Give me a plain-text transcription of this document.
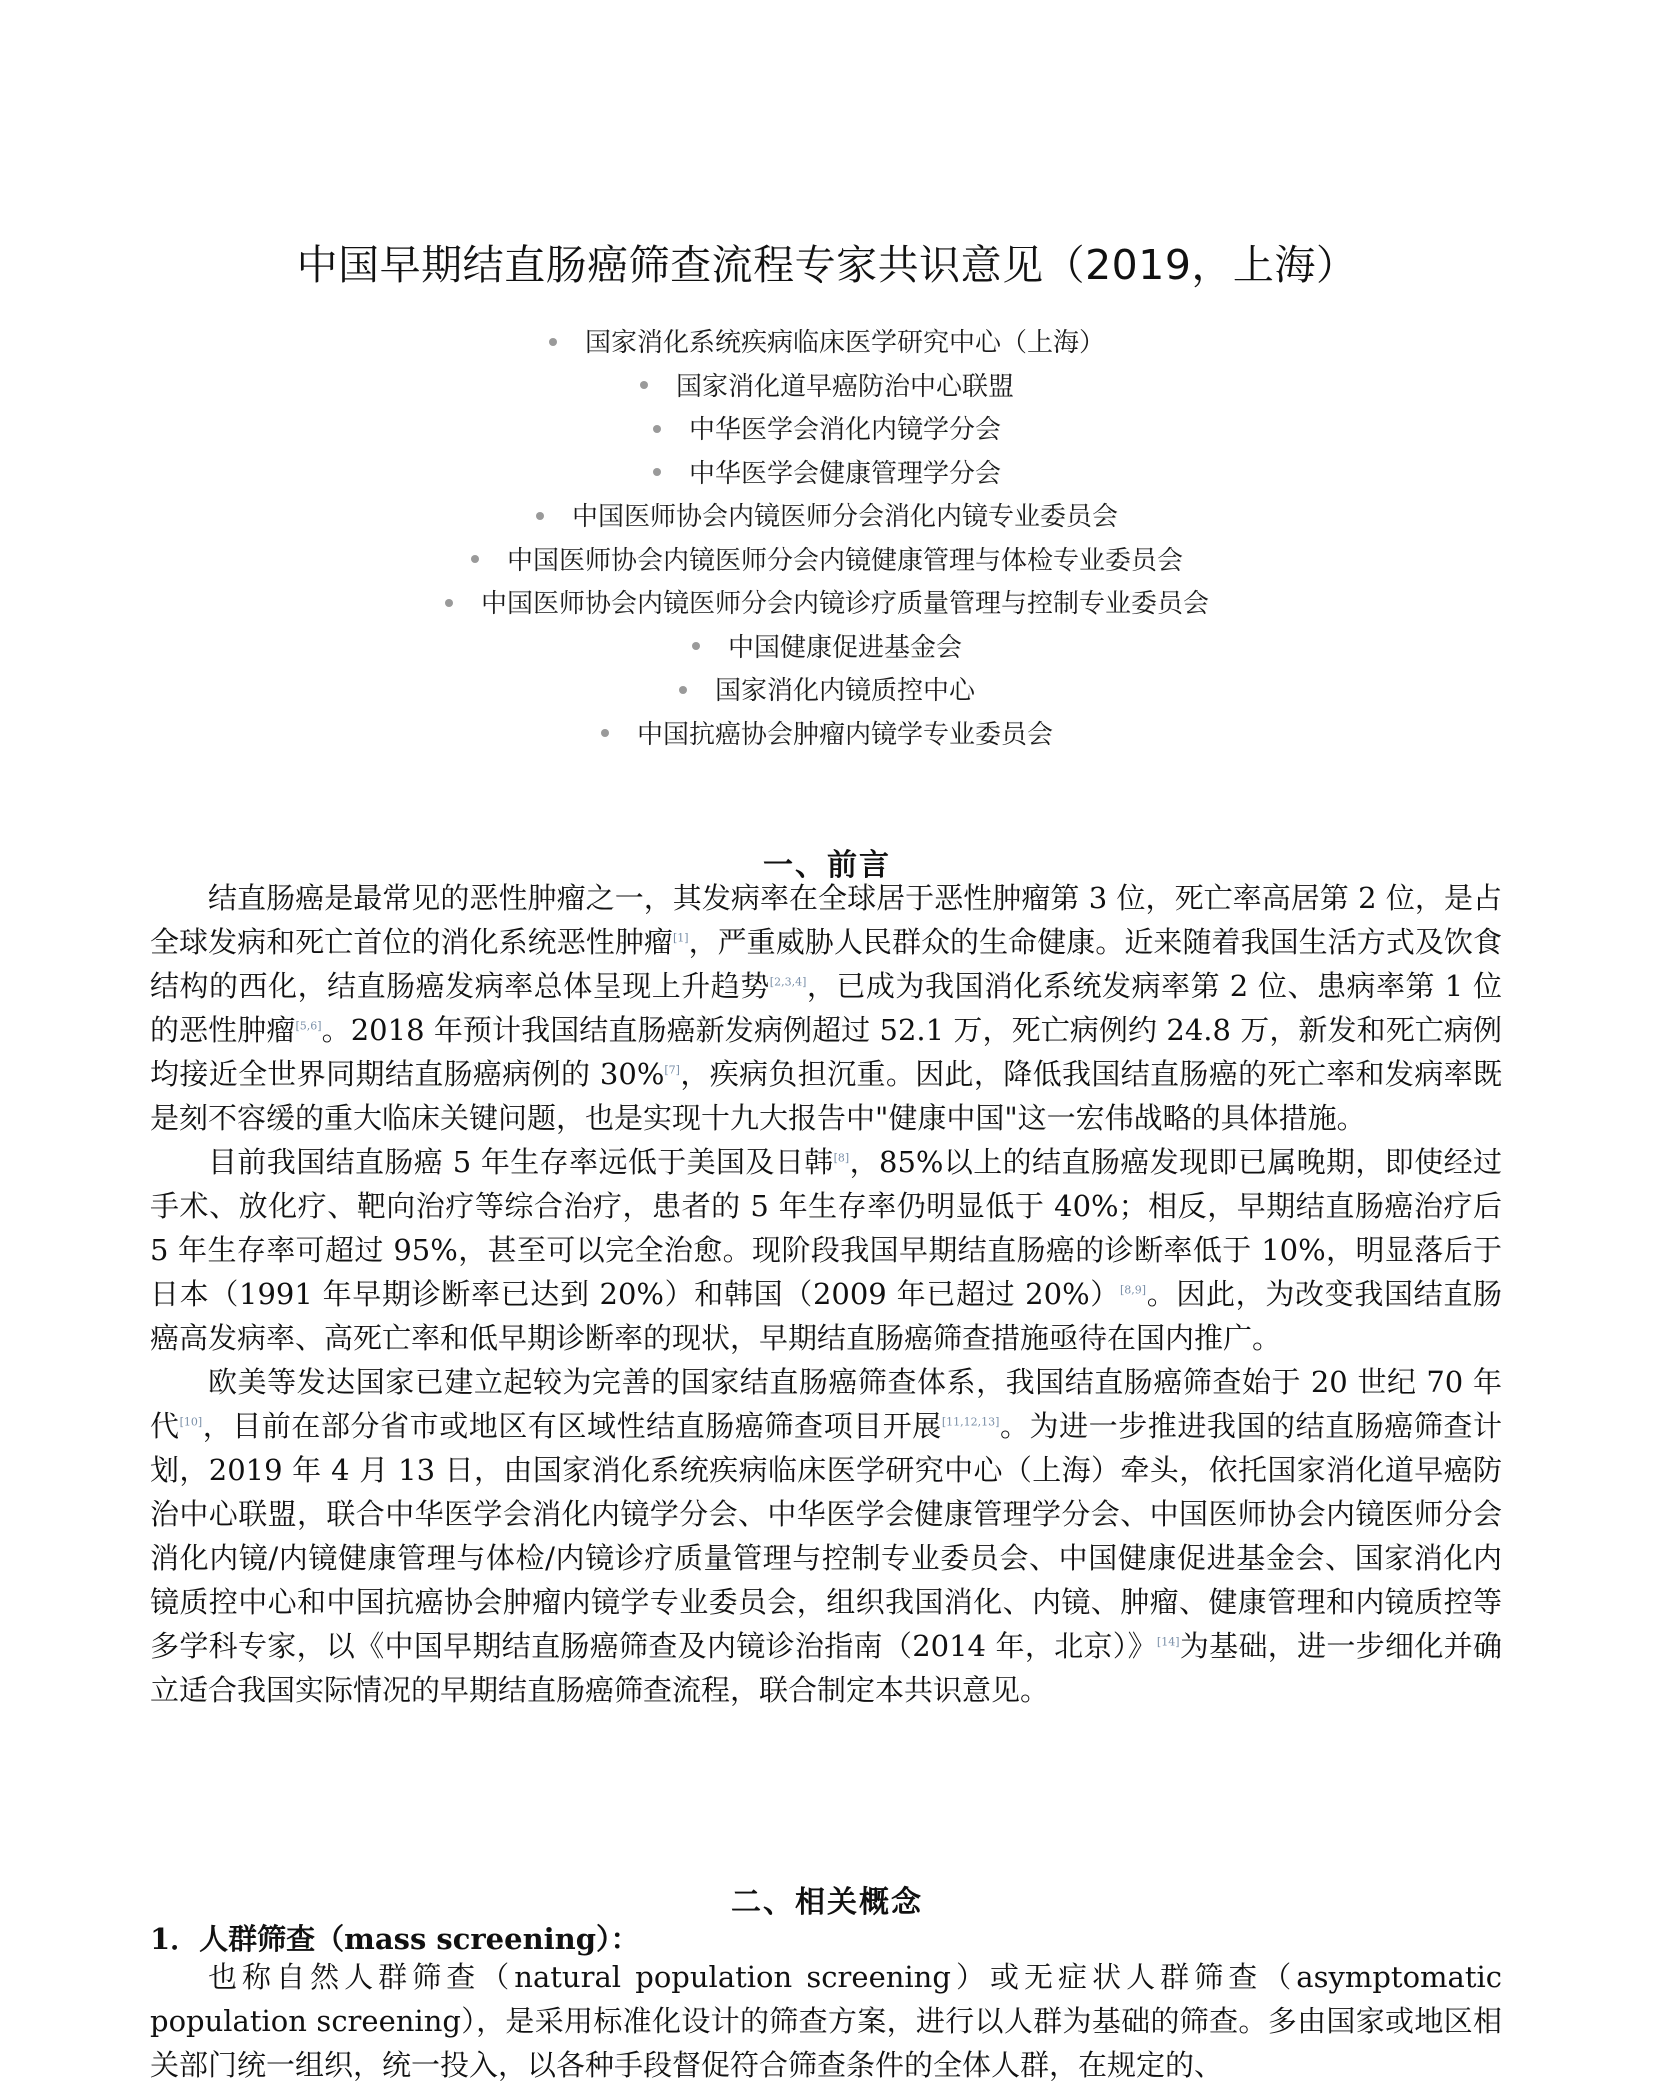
中国早期结直肠癌筛查流程专家共识意见（2019，上海）
国家消化系统疾病临床医学研究中心（上海）
国家消化道早癌防治中心联盟
中华医学会消化内镜学分会
中华医学会健康管理学分会
中国医师协会内镜医师分会消化内镜专业委员会
中国医师协会内镜医师分会内镜健康管理与体检专业委员会
中国医师协会内镜医师分会内镜诊疗质量管理与控制专业委员会
中国健康促进基金会
国家消化内镜质控中心
中国抗癌协会肿瘤内镜学专业委员会
一、前言

结直肠癌是最常见的恶性肿瘤之一，其发病率在全球居于恶性肿瘤第 3 位，死亡率高居第 2 位，是占全球发病和死亡首位的消化系统恶性肿瘤[1]，严重威胁人民群众的生命健康。近来随着我国生活方式及饮食结构的西化，结直肠癌发病率总体呈现上升趋势[2,3,4]，已成为我国消化系统发病率第 2 位、患病率第 1 位的恶性肿瘤[5,6]。2018 年预计我国结直肠癌新发病例超过 52.1 万，死亡病例约 24.8 万，新发和死亡病例均接近全世界同期结直肠癌病例的 30%[7]，疾病负担沉重。因此，降低我国结直肠癌的死亡率和发病率既是刻不容缓的重大临床关键问题，也是实现十九大报告中"健康中国"这一宏伟战略的具体措施。

目前我国结直肠癌 5 年生存率远低于美国及日韩[8]，85%以上的结直肠癌发现即已属晚期，即使经过手术、放化疗、靶向治疗等综合治疗，患者的 5 年生存率仍明显低于 40%；相反，早期结直肠癌治疗后 5 年生存率可超过 95%，甚至可以完全治愈。现阶段我国早期结直肠癌的诊断率低于 10%，明显落后于日本（1991 年早期诊断率已达到 20%）和韩国（2009 年已超过 20%）[8,9]。因此，为改变我国结直肠癌高发病率、高死亡率和低早期诊断率的现状，早期结直肠癌筛查措施亟待在国内推广。

欧美等发达国家已建立起较为完善的国家结直肠癌筛查体系，我国结直肠癌筛查始于 20 世纪 70 年代[10]，目前在部分省市或地区有区域性结直肠癌筛查项目开展[11,12,13]。为进一步推进我国的结直肠癌筛查计划，2019 年 4 月 13 日，由国家消化系统疾病临床医学研究中心（上海）牵头，依托国家消化道早癌防治中心联盟，联合中华医学会消化内镜学分会、中华医学会健康管理学分会、中国医师协会内镜医师分会消化内镜/内镜健康管理与体检/内镜诊疗质量管理与控制专业委员会、中国健康促进基金会、国家消化内镜质控中心和中国抗癌协会肿瘤内镜学专业委员会，组织我国消化、内镜、肿瘤、健康管理和内镜质控等多学科专家，以《中国早期结直肠癌筛查及内镜诊治指南（2014 年，北京）》[14]为基础，进一步细化并确立适合我国实际情况的早期结直肠癌筛查流程，联合制定本共识意见。

二、相关概念
1．人群筛查（mass screening）：

也称自然人群筛查（natural population screening）或无症状人群筛查（asymptomatic population screening），是采用标准化设计的筛查方案，进行以人群为基础的筛查。多由国家或地区相关部门统一组织，统一投入，以各种手段督促符合筛查条件的全体人群，在规定的、
